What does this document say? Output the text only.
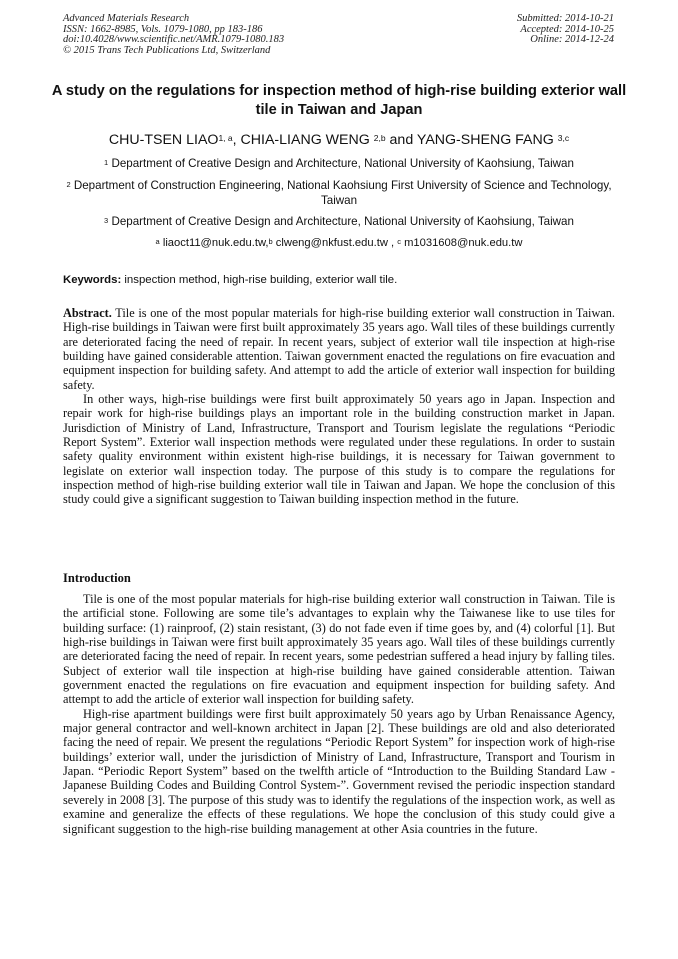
Advanced Materials Research
ISSN: 1662-8985, Vols. 1079-1080, pp 183-186
doi:10.4028/www.scientific.net/AMR.1079-1080.183
© 2015 Trans Tech Publications Ltd, Switzerland
Submitted: 2014-10-21
Accepted: 2014-10-25
Online: 2014-12-24
A study on the regulations for inspection method of high-rise building exterior wall tile in Taiwan and Japan
CHU-TSEN LIAO$^{1, a}$, CHIA-LIANG WENG $^{2,b}$ and YANG-SHENG FANG $^{3,c}$
$^1$ Department of Creative Design and Architecture, National University of Kaohsiung, Taiwan
$^2$ Department of Construction Engineering, National Kaohsiung First University of Science and Technology, Taiwan
$^3$ Department of Creative Design and Architecture, National University of Kaohsiung, Taiwan
$^a$ liaoct11@nuk.edu.tw,$^b$ clweng@nkfust.edu.tw , $^c$ m1031608@nuk.edu.tw
Keywords: inspection method, high-rise building, exterior wall tile.

Abstract. Tile is one of the most popular materials for high-rise building exterior wall construction in Taiwan. High-rise buildings in Taiwan were first built approximately 35 years ago. Wall tiles of these buildings currently are deteriorated facing the need of repair. In recent years, subject of exterior wall tile inspection at high-rise building have gained considerable attention. Taiwan government enacted the regulations on fire evacuation and equipment inspection for building safety. And attempt to add the article of exterior wall inspection for building safety.

In other ways, high-rise buildings were first built approximately 50 years ago in Japan. Inspection and repair work for high-rise buildings plays an important role in the building construction market in Japan. Jurisdiction of Ministry of Land, Infrastructure, Transport and Tourism legislate the regulations “Periodic Report System”. Exterior wall inspection methods were regulated under these regulations. In order to sustain safety quality environment within existent high-rise buildings, it is necessary for Taiwan government to legislate on exterior wall inspection today. The purpose of this study is to compare the regulations for inspection method of high-rise building exterior wall tile in Taiwan and Japan. We hope the conclusion of this study could give a significant suggestion to Taiwan building inspection method in the future.

Introduction

Tile is one of the most popular materials for high-rise building exterior wall construction in Taiwan. Tile is the artificial stone. Following are some tile’s advantages to explain why the Taiwanese like to use tiles for building surface: (1) rainproof, (2) stain resistant, (3) do not fade even if time goes by, and (4) colorful [1]. But high-rise buildings in Taiwan were first built approximately 35 years ago. Wall tiles of these buildings currently are deteriorated facing the need of repair. In recent years, some pedestrian suffered a head injury by falling tiles. Subject of exterior wall tile inspection at high-rise building have gained considerable attention. Taiwan government enacted the regulations on fire evacuation and equipment inspection for building safety. And attempt to add the article of exterior wall inspection for building safety.

High-rise apartment buildings were first built approximately 50 years ago by Urban Renaissance Agency, major general contractor and well-known architect in Japan [2]. These buildings are old and also deteriorated facing the need of repair. We present the regulations “Periodic Report System” for inspection work of high-rise buildings’ exterior wall, under the jurisdiction of Ministry of Land, Infrastructure, Transport and Tourism in Japan. “Periodic Report System” based on the twelfth article of “Introduction to the Building Standard Law - Japanese Building Codes and Building Control System-”. Government revised the periodic inspection standard severely in 2008 [3]. The purpose of this study was to identify the regulations of the inspection work, as well as examine and generalize the effects of these regulations. We hope the conclusion of this study could give a significant suggestion to the high-rise building management at other Asia countries in the future.
